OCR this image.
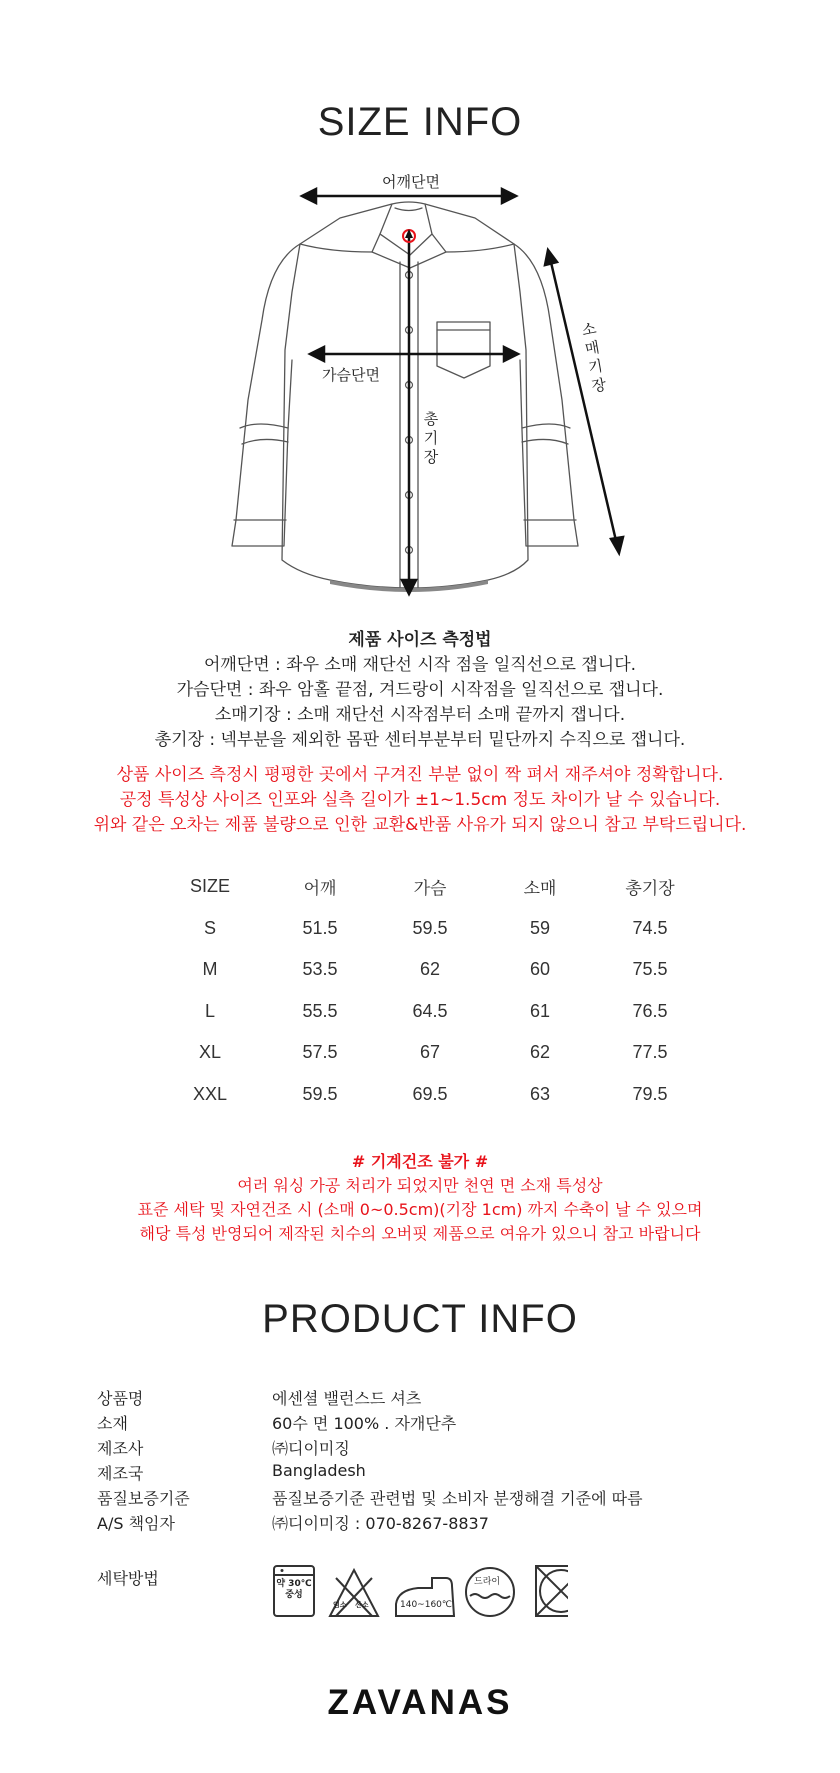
SIZE INFO
어깨단면
가슴단면
총
기
장
소
매
기
장
제품 사이즈 측정법
어깨단면 : 좌우 소매 재단선 시작 점을 일직선으로 잽니다.
가슴단면 : 좌우 암홀 끝점, 겨드랑이 시작점을 일직선으로 잽니다.
소매기장 : 소매 재단선 시작점부터 소매 끝까지 잽니다.
총기장 : 넥부분을 제외한 몸판 센터부분부터 밑단까지 수직으로 잽니다.
상품 사이즈 측정시 평평한 곳에서 구겨진 부분 없이 짝 펴서 재주셔야 정확합니다.
공정 특성상 사이즈 인포와 실측 길이가 ±1~1.5cm 정도 차이가 날 수 있습니다.
위와 같은 오차는 제품 불량으로 인한 교환&반품 사유가 되지 않으니 참고 부탁드립니다.
SIZE	어깨	가슴	소매	총기장
S	51.5	59.5	59	74.5
M	53.5	62	60	75.5
L	55.5	64.5	61	76.5
XL	57.5	67	62	77.5
XXL	59.5	69.5	63	79.5
# 기계건조 불가 #
여러 워싱 가공 처리가 되었지만 천연 면 소재 특성상
표준 세탁 및 자연건조 시 (소매 0~0.5cm)(기장 1cm) 까지 수축이 날 수 있으며
해당 특성 반영되어 제작된 치수의 오버핏 제품으로 여유가 있으니 참고 바랍니다
PRODUCT INFO
상품명	에센셜 밸런스드 셔츠
소재	60수 면 100% . 자개단추
제조사	㈜디이미징
제조국	Bangladesh
품질보증기준	품질보증기준 관련법 및 소비자 분쟁해결 기준에 따름
A/S 책임자	㈜디이미징 : 070-8267-8837
세탁방법	약 30℃
중성
염소 산소	140~160℃
드라이
ZAVANAS
